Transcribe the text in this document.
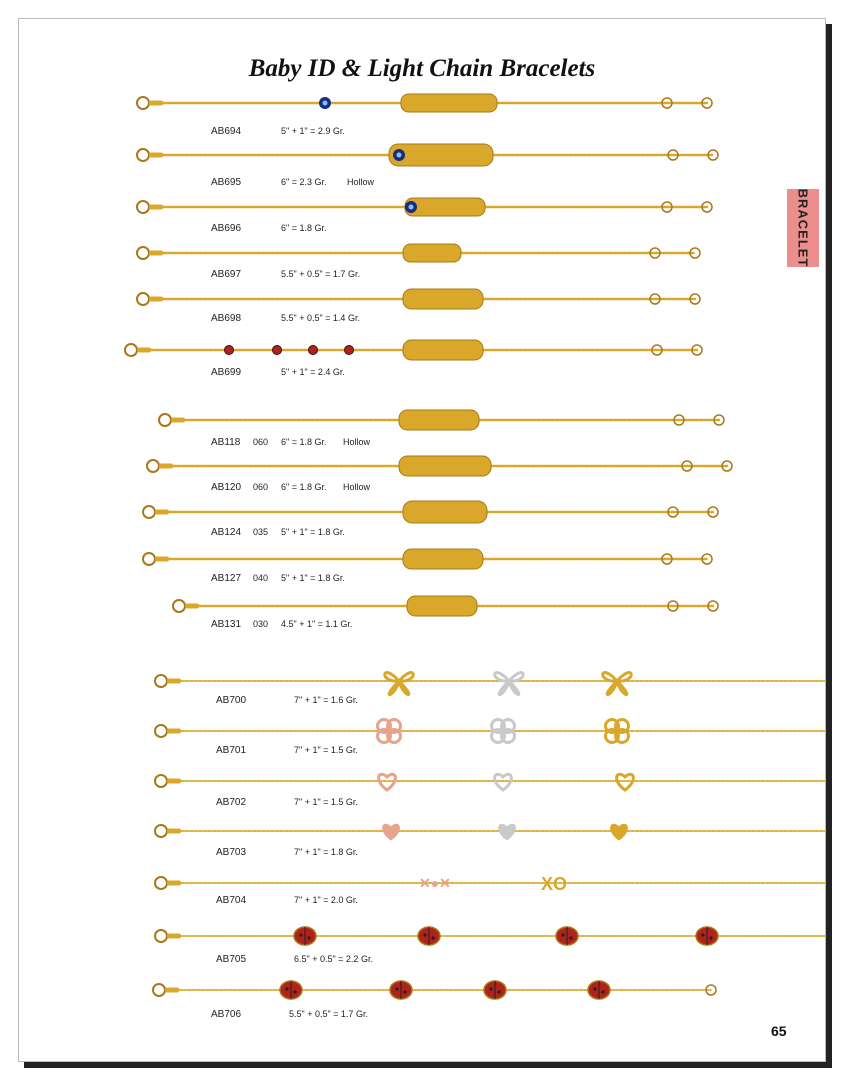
Baby ID & Light Chain Bracelets
BRACELET
✕●✕	XO
AB694	5" + 1" = 2.9 Gr.
AB695	6" = 2.3 Gr. Hollow
AB696	6" = 1.8 Gr.
AB697	5.5" + 0.5" = 1.7 Gr.
AB698	5.5" + 0.5" = 1.4 Gr.
AB699	5" + 1" = 2.4 Gr.
AB118 060 6" = 1.8 Gr. Hollow
AB120 060 6" = 1.8 Gr. Hollow
AB124 035 5" + 1" = 1.8 Gr.
AB127 040 5" + 1" = 1.8 Gr.
AB131 030 4.5" + 1" = 1.1 Gr.
AB700	7" + 1" = 1.6 Gr.
AB701	7" + 1" = 1.5 Gr.
AB702	7" + 1" = 1.5 Gr.
AB703	7" + 1" = 1.8 Gr.
AB704	7" + 1" = 2.0 Gr.
AB705	6.5" + 0.5" = 2.2 Gr.
AB706	5.5" + 0.5" = 1.7 Gr.
65
